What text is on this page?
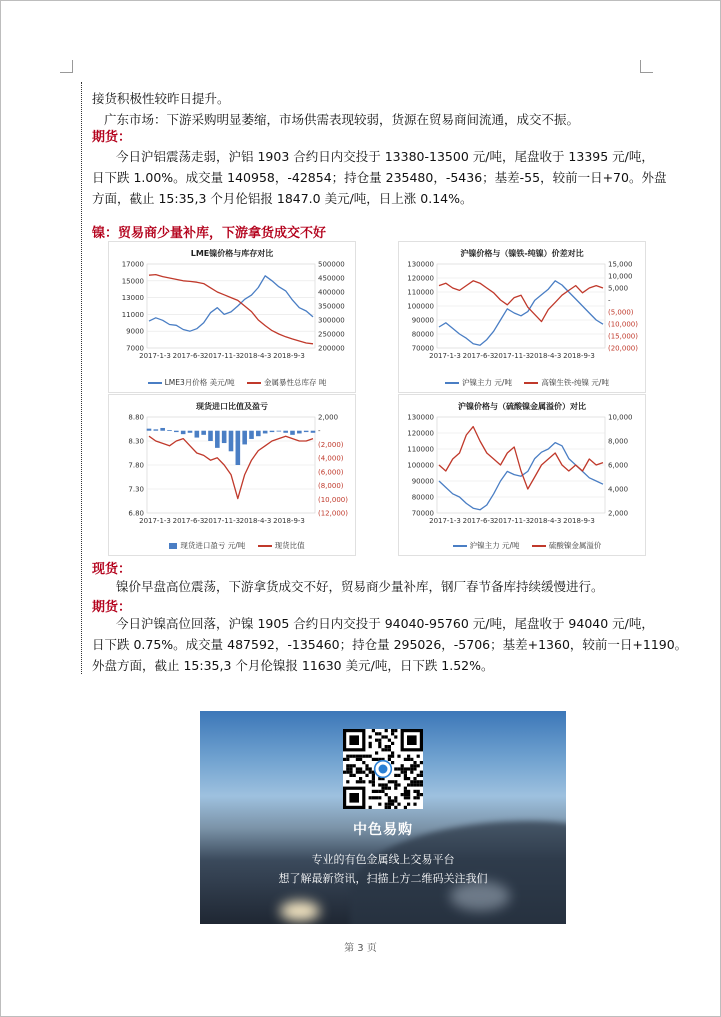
接货积极性较昨日提升。
广东市场：下游采购明显萎缩，市场供需表现较弱，货源在贸易商间流通，成交不振。
期货：
今日沪铝震荡走弱，沪铝 1903 合约日内交投于 13380-13500 元/吨，尾盘收于 13395 元/吨，
日下跌 1.00%。成交量 140958，-42854；持仓量 235480，-5436；基差-55，较前一日+70。外盘
方面，截止 15:35,3 个月伦铝报 1847.0 美元/吨，日上涨 0.14%。
镍：贸易商少量补库，下游拿货成交不好
现货：
镍价早盘高位震荡，下游拿货成交不好，贸易商少量补库，钢厂春节备库持续缓慢进行。
期货：
今日沪镍高位回落，沪镍 1905 合约日内交投于 94040-95760 元/吨，尾盘收于 94040 元/吨，
日下跌 0.75%。成交量 487592，-135460；持仓量 295026，-5706；基差+1360，较前一日+1190。
外盘方面，截止 15:35,3 个月伦镍报 11630 美元/吨，日下跌 1.52%。
LME镍价格与库存对比
17000
15000
13000
11000
9000
7000
500000
450000
400000
350000
300000
250000
200000
2017-1-3 2017-6-3 2017-11-3 2018-4-3 2018-9-3
LME3月价格 美元/吨	金属暴性总库存 吨
沪镍价格与（镍铁-纯镍）价差对比
130000
120000
110000
100000
90000
80000
70000
15,000
10,000
5,000
-
(5,000)
(10,000)
(15,000)
(20,000)
2017-1-3 2017-6-3 2017-11-3 2018-4-3 2018-9-3
沪镍主力 元/吨	高镍生铁-纯镍 元/吨
现货进口比值及盈亏
8.80
8.30
7.80
7.30
6.80
2,000
-
(2,000)
(4,000)
(6,000)
(8,000)
(10,000)
(12,000)
2017-1-3 2017-6-3 2017-11-3 2018-4-3 2018-9-3
现货进口盈亏 元/吨	现货比值
沪镍价格与（硫酸镍金属溢价）对比
130000
120000
110000
100000
90000
80000
70000
10,000
8,000
6,000
4,000
2,000
2017-1-3 2017-6-3 2017-11-3 2018-4-3 2018-9-3
沪镍主力 元/吨	硫酸镍金属溢价
中色易购
专业的有色金属线上交易平台
想了解最新资讯，扫描上方二维码关注我们
第 3 页
